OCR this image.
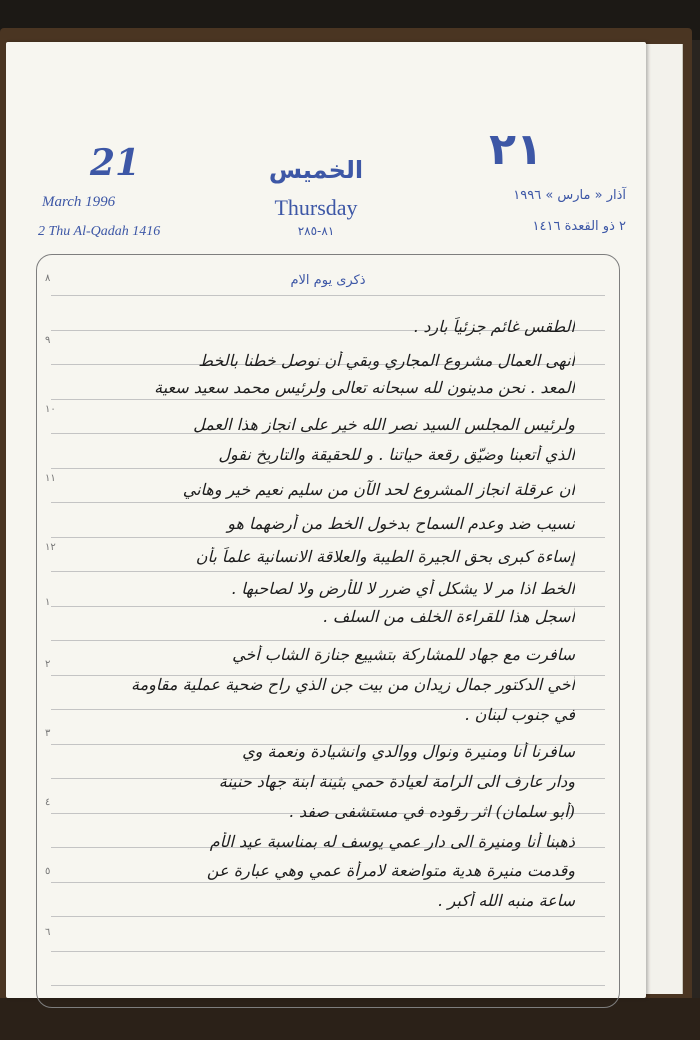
21
March 1996
2 Thu Al-Qadah 1416
الخميس
Thursday
٨١-٢٨٥
٢١
آذار « مارس » ١٩٩٦
٢ ذو القعدة ١٤١٦
ذكرى يوم الام
٨
٩
١٠
١١
١٢
١
٢
٣
٤
٥
٦
الطقس غائم جزئياً بارد .
أنهى العمال مشروع المجاري وبقي أن نوصل خطنا بالخط
المعد . نحن مدينون لله سبحانه تعالى ولرئيس محمد سعيد سعية
ولرئيس المجلس السيد نصر الله خير على انجاز هذا العمل
الذي أتعبنا وضيّق رقعة حياتنا . و للحقيقة والتاريخ نقول
ان عرقلة انجاز المشروع لحد الآن من سليم نعيم خير وهاني
نسيب ضد وعدم السماح بدخول الخط من أرضهما هو
إساءة كبرى بحق الجيرة الطيبة والعلاقة الانسانية علماً بأن
الخط اذا مر لا يشكل أي ضرر لا للأرض ولا لصاحبها .
أسجل هذا للقراءة الخلف من السلف .
سافرت مع جهاد للمشاركة بتشييع جنازة الشاب أخي
أخي الدكتور جمال زيدان من بيت جن الذي راح ضحية عملية مقاومة
في جنوب لبنان .
سافرنا أنا ومنيرة ونوال ووالدي وانشيادة ونعمة وي
ودار عارف الى الرامة لعيادة حمي بثينة ابنة جهاد حنينة
(أبو سلمان) اثر رقوده في مستشفى صفد .
ذهبنا أنا ومنيرة الى دار عمي يوسف له بمناسبة عيد الأم
وقدمت منيرة هدية متواضعة لامرأة عمي وهي عبارة عن
ساعة منبه الله أكبر .
